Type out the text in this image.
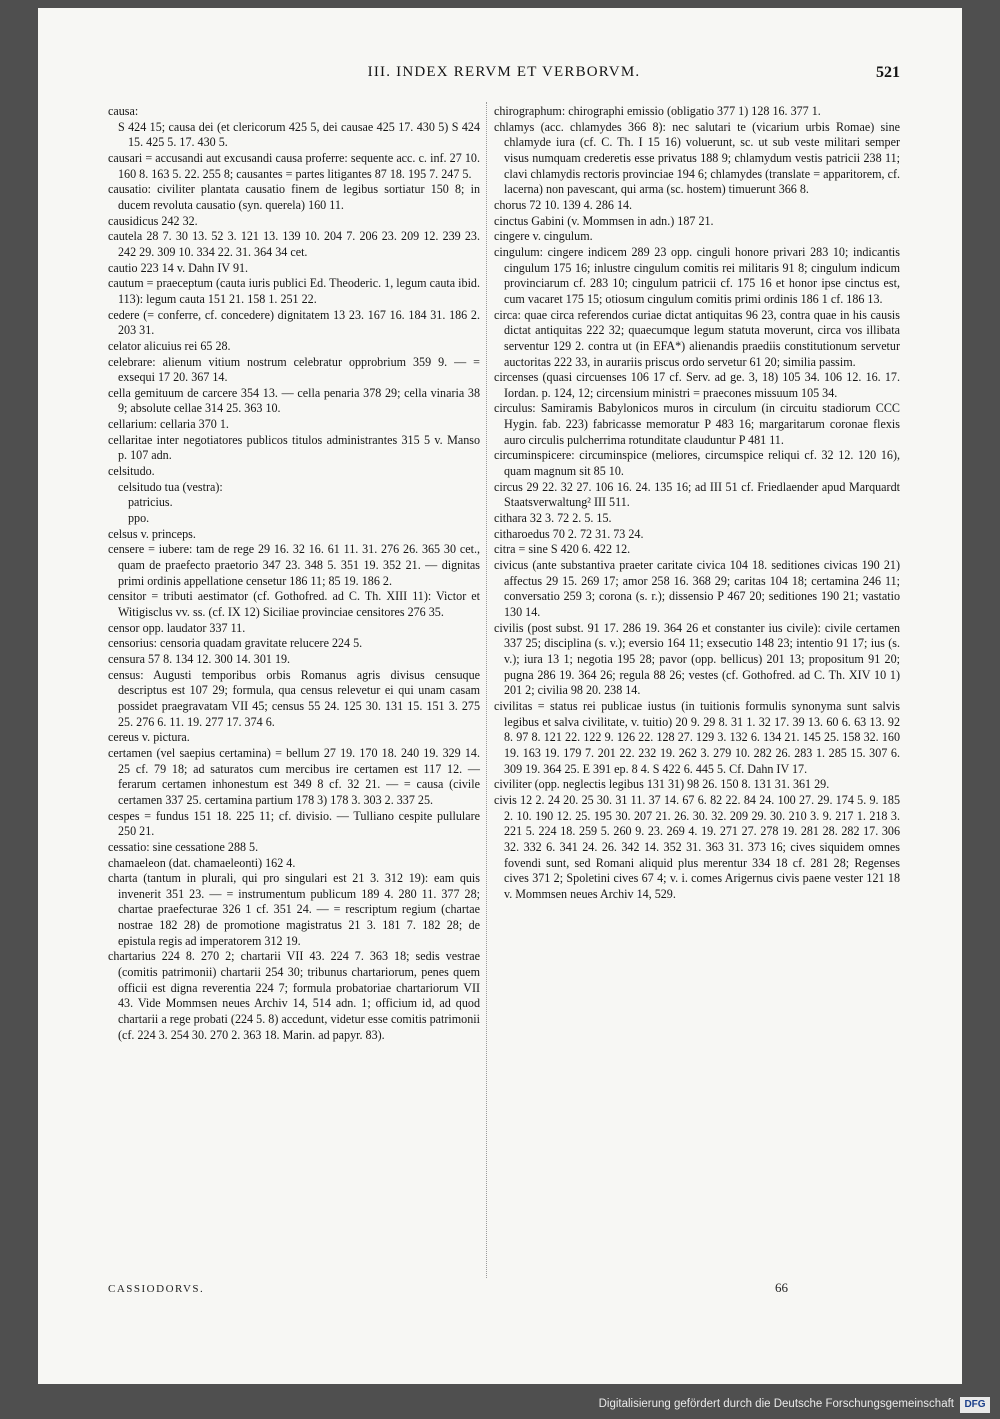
III. INDEX RERVM ET VERBORVM.	521

causa:

S 424 15; causa dei (et clericorum 425 5, dei causae 425 17. 430 5) S 424 15. 425 5. 17. 430 5.

causari = accusandi aut excusandi causa proferre: sequente acc. c. inf. 27 10. 160 8. 163 5. 22. 255 8; causantes = partes litigantes 87 18. 195 7. 247 5.

causatio: civiliter plantata causatio finem de legibus sortiatur 150 8; in ducem revoluta causatio (syn. querela) 160 11.

causidicus 242 32.

cautela 28 7. 30 13. 52 3. 121 13. 139 10. 204 7. 206 23. 209 12. 239 23. 242 29. 309 10. 334 22. 31. 364 34 cet.

cautio 223 14 v. Dahn IV 91.

cautum = praeceptum (cauta iuris publici Ed. Theoderic. 1, legum cauta ibid. 113): legum cauta 151 21. 158 1. 251 22.

cedere (= conferre, cf. concedere) dignitatem 13 23. 167 16. 184 31. 186 2. 203 31.

celator alicuius rei 65 28.

celebrare: alienum vitium nostrum celebratur opprobrium 359 9. — = exsequi 17 20. 367 14.

cella gemituum de carcere 354 13. — cella penaria 378 29; cella vinaria 38 9; absolute cellae 314 25. 363 10.

cellarium: cellaria 370 1.

cellaritae inter negotiatores publicos titulos administrantes 315 5 v. Manso p. 107 adn.

celsitudo.

celsitudo tua (vestra):

patricius.

ppo.

celsus v. princeps.

censere = iubere: tam de rege 29 16. 32 16. 61 11. 31. 276 26. 365 30 cet., quam de praefecto praetorio 347 23. 348 5. 351 19. 352 21. — dignitas primi ordinis appellatione censetur 186 11; 85 19. 186 2.

censitor = tributi aestimator (cf. Gothofred. ad C. Th. XIII 11): Victor et Witigisclus vv. ss. (cf. IX 12) Siciliae provinciae censitores 276 35.

censor opp. laudator 337 11.

censorius: censoria quadam gravitate relucere 224 5.

censura 57 8. 134 12. 300 14. 301 19.

census: Augusti temporibus orbis Romanus agris divisus censuque descriptus est 107 29; formula, qua census relevetur ei qui unam casam possidet praegravatam VII 45; census 55 24. 125 30. 131 15. 151 3. 275 25. 276 6. 11. 19. 277 17. 374 6.

cereus v. pictura.

certamen (vel saepius certamina) = bellum 27 19. 170 18. 240 19. 329 14. 25 cf. 79 18; ad saturatos cum mercibus ire certamen est 117 12. — ferarum certamen inhonestum est 349 8 cf. 32 21. — = causa (civile certamen 337 25. certamina partium 178 3) 178 3. 303 2. 337 25.

cespes = fundus 151 18. 225 11; cf. divisio. — Tulliano cespite pullulare 250 21.

cessatio: sine cessatione 288 5.

chamaeleon (dat. chamaeleonti) 162 4.

charta (tantum in plurali, qui pro singulari est 21 3. 312 19): eam quis invenerit 351 23. — = instrumentum publicum 189 4. 280 11. 377 28; chartae praefecturae 326 1 cf. 351 24. — = rescriptum regium (chartae nostrae 182 28) de promotione magistratus 21 3. 181 7. 182 28; de epistula regis ad imperatorem 312 19.

chartarius 224 8. 270 2; chartarii VII 43. 224 7. 363 18; sedis vestrae (comitis patrimonii) chartarii 254 30; tribunus chartariorum, penes quem officii est digna reverentia 224 7; formula probatoriae chartariorum VII 43. Vide Mommsen neues Archiv 14, 514 adn. 1; officium id, ad quod chartarii a rege probati (224 5. 8) accedunt, videtur esse comitis patrimonii (cf. 224 3. 254 30. 270 2. 363 18. Marin. ad papyr. 83).

chirographum: chirographi emissio (obligatio 377 1) 128 16. 377 1.

chlamys (acc. chlamydes 366 8): nec salutari te (vicarium urbis Romae) sine chlamyde iura (cf. C. Th. I 15 16) voluerunt, sc. ut sub veste militari semper visus numquam crederetis esse privatus 188 9; chlamydum vestis patricii 238 11; clavi chlamydis rectoris provinciae 194 6; chlamydes (translate = apparitorem, cf. lacerna) non pavescant, qui arma (sc. hostem) timuerunt 366 8.

chorus 72 10. 139 4. 286 14.

cinctus Gabini (v. Mommsen in adn.) 187 21.

cingere v. cingulum.

cingulum: cingere indicem 289 23 opp. cinguli honore privari 283 10; indicantis cingulum 175 16; inlustre cingulum comitis rei militaris 91 8; cingulum indicum provinciarum cf. 283 10; cingulum patricii cf. 175 16 et honor ipse cinctus est, cum vacaret 175 15; otiosum cingulum comitis primi ordinis 186 1 cf. 186 13.

circa: quae circa referendos curiae dictat antiquitas 96 23, contra quae in his causis dictat antiquitas 222 32; quaecumque legum statuta moverunt, circa vos illibata serventur 129 2. contra ut (in EFA*) alienandis praediis constitutionum servetur auctoritas 222 33, in aurariis priscus ordo servetur 61 20; similia passim.

circenses (quasi circuenses 106 17 cf. Serv. ad ge. 3, 18) 105 34. 106 12. 16. 17. Iordan. p. 124, 12; circensium ministri = praecones missuum 105 34.

circulus: Samiramis Babylonicos muros in circulum (in circuitu stadiorum CCC Hygin. fab. 223) fabricasse memoratur P 483 16; margaritarum coronae flexis auro circulis pulcherrima rotunditate clauduntur P 481 11.

circuminspicere: circuminspice (meliores, circumspice reliqui cf. 32 12. 120 16), quam magnum sit 85 10.

circus 29 22. 32 27. 106 16. 24. 135 16; ad III 51 cf. Friedlaender apud Marquardt Staatsverwaltung² III 511.

cithara 32 3. 72 2. 5. 15.

citharoedus 70 2. 72 31. 73 24.

citra = sine S 420 6. 422 12.

civicus (ante substantiva praeter caritate civica 104 18. seditiones civicas 190 21) affectus 29 15. 269 17; amor 258 16. 368 29; caritas 104 18; certamina 246 11; conversatio 259 3; corona (s. r.); dissensio P 467 20; seditiones 190 21; vastatio 130 14.

civilis (post subst. 91 17. 286 19. 364 26 et constanter ius civile): civile certamen 337 25; disciplina (s. v.); eversio 164 11; exsecutio 148 23; intentio 91 17; ius (s. v.); iura 13 1; negotia 195 28; pavor (opp. bellicus) 201 13; propositum 91 20; pugna 286 19. 364 26; regula 88 26; vestes (cf. Gothofred. ad C. Th. XIV 10 1) 201 2; civilia 98 20. 238 14.

civilitas = status rei publicae iustus (in tuitionis formulis synonyma sunt salvis legibus et salva civilitate, v. tuitio) 20 9. 29 8. 31 1. 32 17. 39 13. 60 6. 63 13. 92 8. 97 8. 121 22. 122 9. 126 22. 128 27. 129 3. 132 6. 134 21. 145 25. 158 32. 160 19. 163 19. 179 7. 201 22. 232 19. 262 3. 279 10. 282 26. 283 1. 285 15. 307 6. 309 19. 364 25. E 391 ep. 8 4. S 422 6. 445 5. Cf. Dahn IV 17.

civiliter (opp. neglectis legibus 131 31) 98 26. 150 8. 131 31. 361 29.

civis 12 2. 24 20. 25 30. 31 11. 37 14. 67 6. 82 22. 84 24. 100 27. 29. 174 5. 9. 185 2. 10. 190 12. 25. 195 30. 207 21. 26. 30. 32. 209 29. 30. 210 3. 9. 217 1. 218 3. 221 5. 224 18. 259 5. 260 9. 23. 269 4. 19. 271 27. 278 19. 281 28. 282 17. 306 32. 332 6. 341 24. 26. 342 14. 352 31. 363 31. 373 16; cives siquidem omnes fovendi sunt, sed Romani aliquid plus merentur 334 18 cf. 281 28; Regenses cives 371 2; Spoletini cives 67 4; v. i. comes Arigernus civis paene vester 121 18 v. Mommsen neues Archiv 14, 529.

CASSIODORVS.	66
Digitalisierung gefördert durch die Deutsche Forschungsgemeinschaft	DFG
